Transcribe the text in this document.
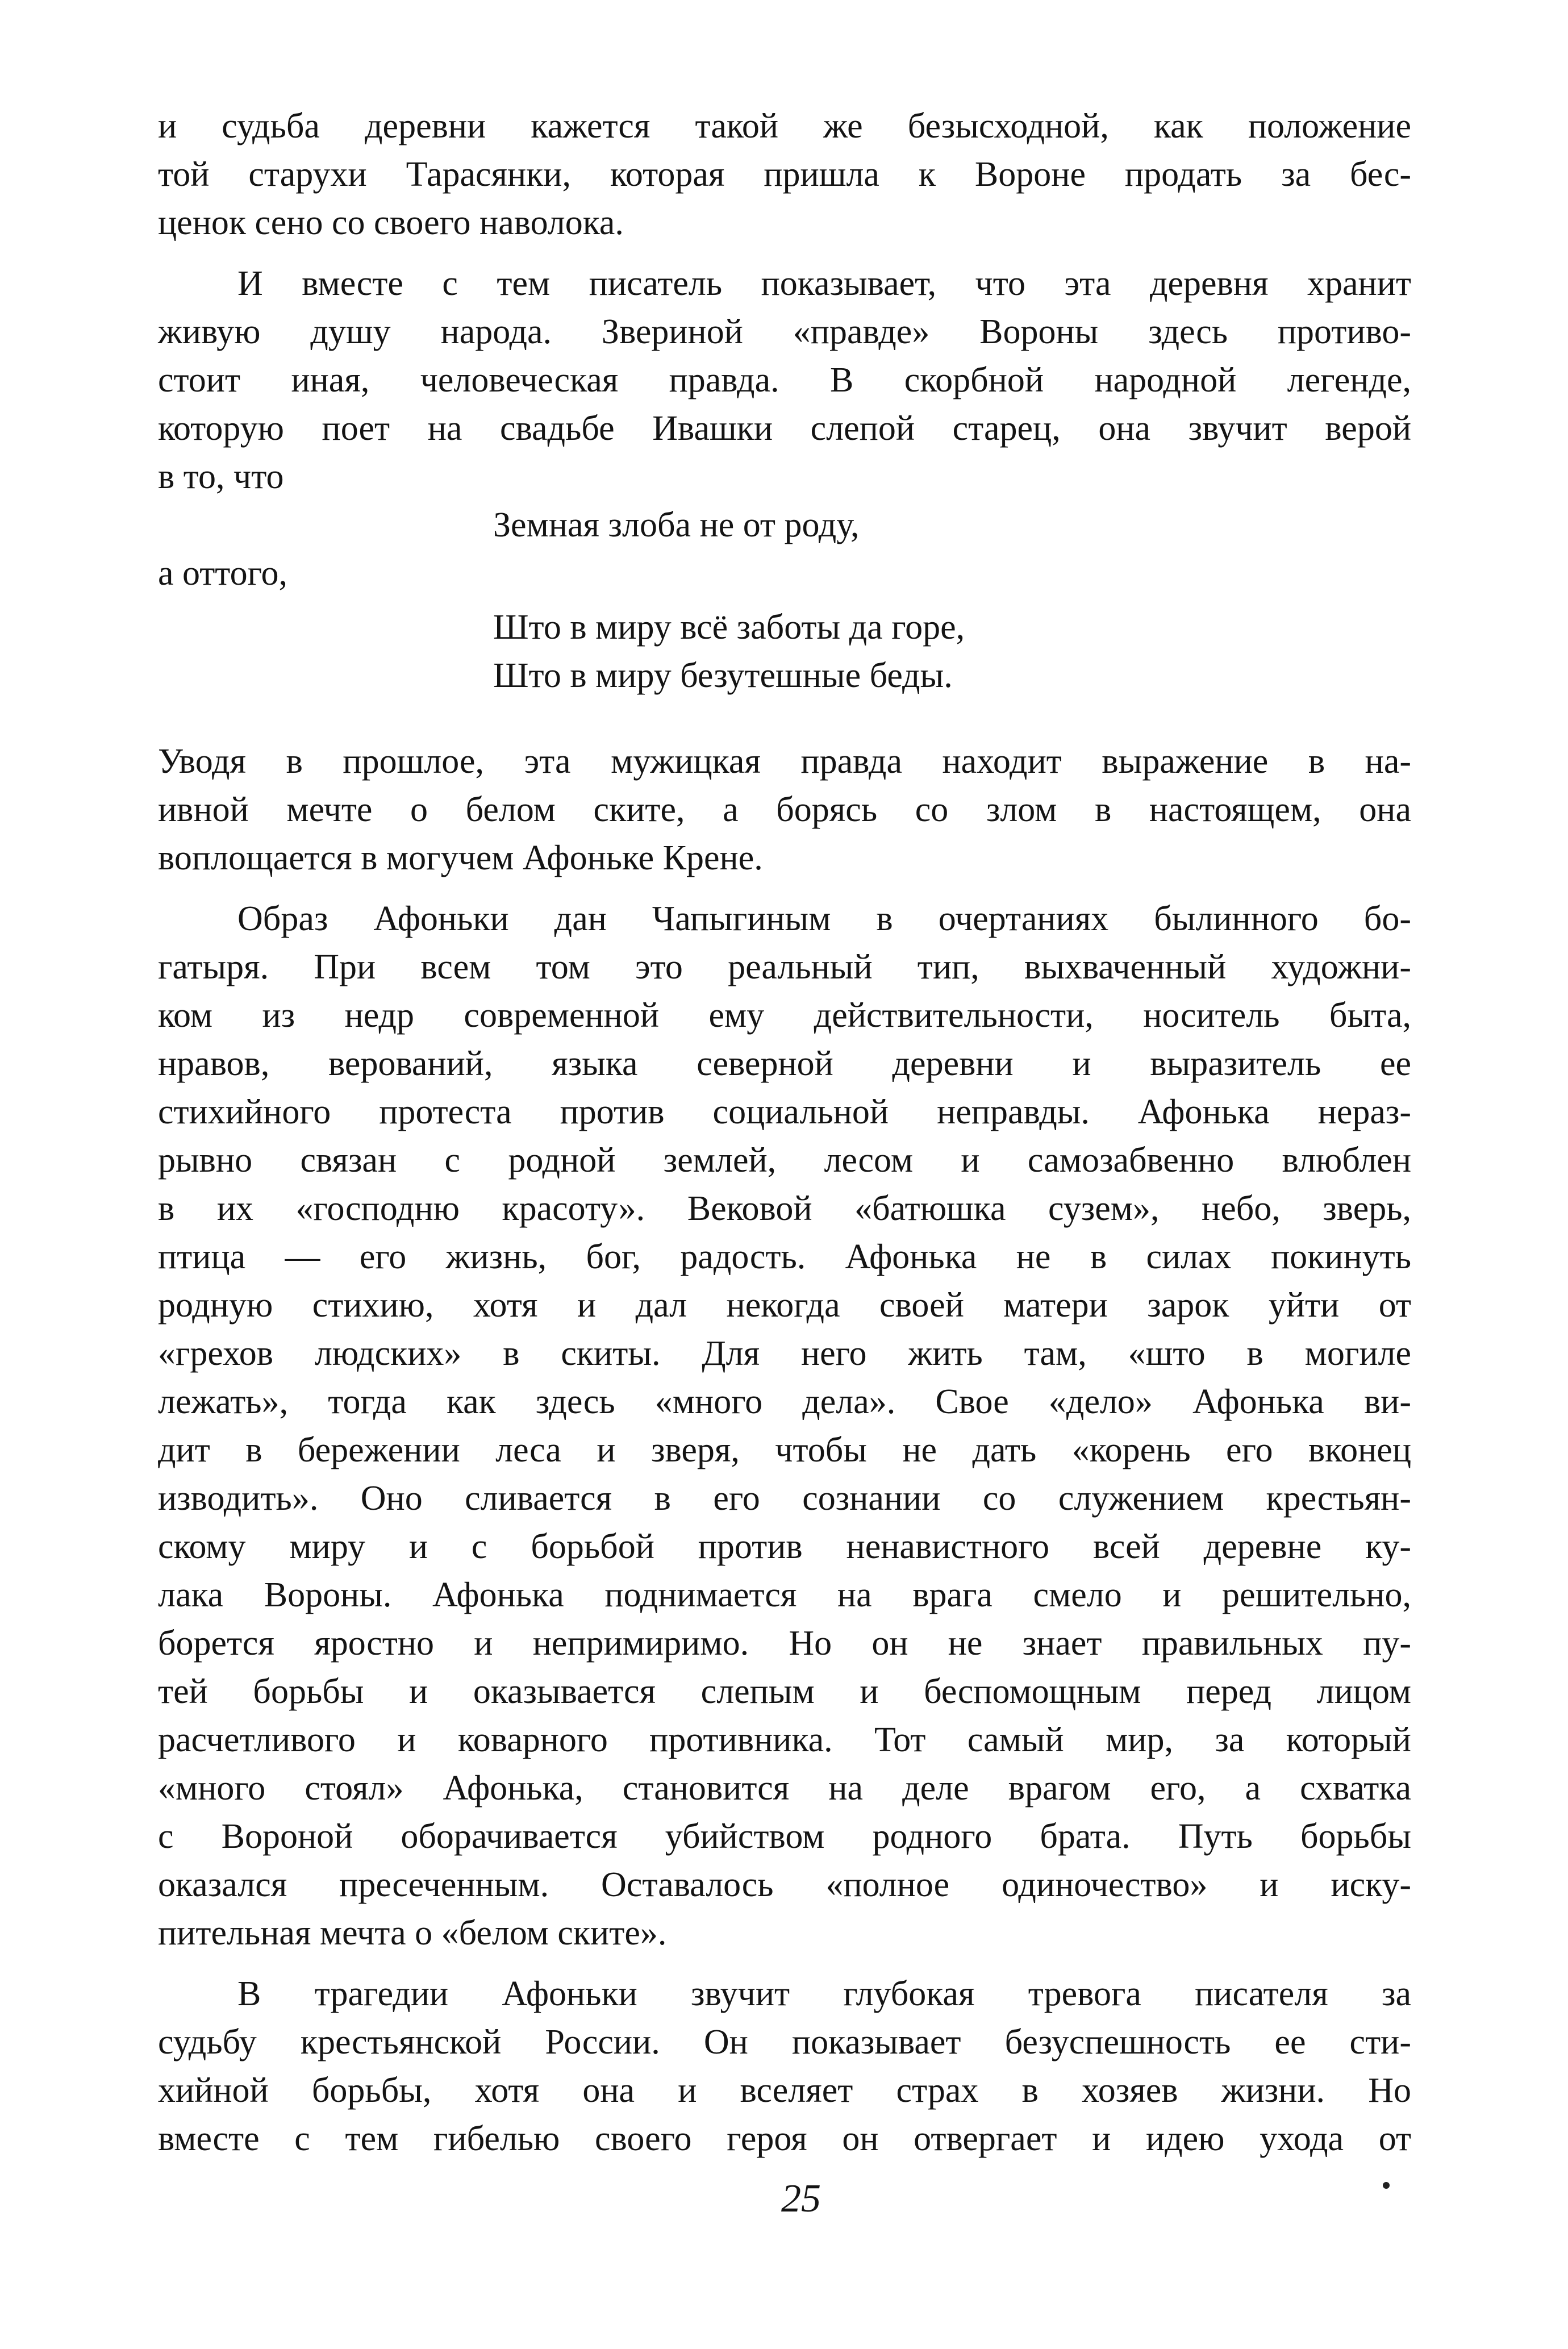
и судьба деревни кажется такой же безысходной, как положение
той старухи Тарасянки, которая пришла к Вороне продать за бес-
ценок сено со своего наволока.
И вместе с тем писатель показывает, что эта деревня хранит
живую душу народа. Звериной «правде» Вороны здесь противо-
стоит иная, человеческая правда. В скорбной народной легенде,
которую поет на свадьбе Ивашки слепой старец, она звучит верой
в то, что
Земная злоба не от роду,
а оттого,
Што в миру всё заботы да горе,
Што в миру безутешные беды.
Уводя в прошлое, эта мужицкая правда находит выражение в на-
ивной мечте о белом ските, а борясь со злом в настоящем, она
воплощается в могучем Афоньке Крене.
Образ Афоньки дан Чапыгиным в очертаниях былинного бо-
гатыря. При всем том это реальный тип, выхваченный художни-
ком из недр современной ему действительности, носитель быта,
нравов, верований, языка северной деревни и выразитель ее
стихийного протеста против социальной неправды. Афонька нераз-
рывно связан с родной землей, лесом и самозабвенно влюблен
в их «господню красоту». Вековой «батюшка сузем», небо, зверь,
птица — его жизнь, бог, радость. Афонька не в силах покинуть
родную стихию, хотя и дал некогда своей матери зарок уйти от
«грехов людских» в скиты. Для него жить там, «што в могиле
лежать», тогда как здесь «много дела». Свое «дело» Афонька ви-
дит в бережении леса и зверя, чтобы не дать «корень его вконец
изводить». Оно сливается в его сознании со служением крестьян-
скому миру и с борьбой против ненавистного всей деревне ку-
лака Вороны. Афонька поднимается на врага смело и решительно,
борется яростно и непримиримо. Но он не знает правильных пу-
тей борьбы и оказывается слепым и беспомощным перед лицом
расчетливого и коварного противника. Тот самый мир, за который
«много стоял» Афонька, становится на деле врагом его, а схватка
с Вороной оборачивается убийством родного брата. Путь борьбы
оказался пресеченным. Оставалось «полное одиночество» и иску-
пительная мечта о «белом ските».
В трагедии Афоньки звучит глубокая тревога писателя за
судьбу крестьянской России. Он показывает безуспешность ее сти-
хийной борьбы, хотя она и вселяет страх в хозяев жизни. Но
вместе с тем гибелью своего героя он отвергает и идею ухода от
25
